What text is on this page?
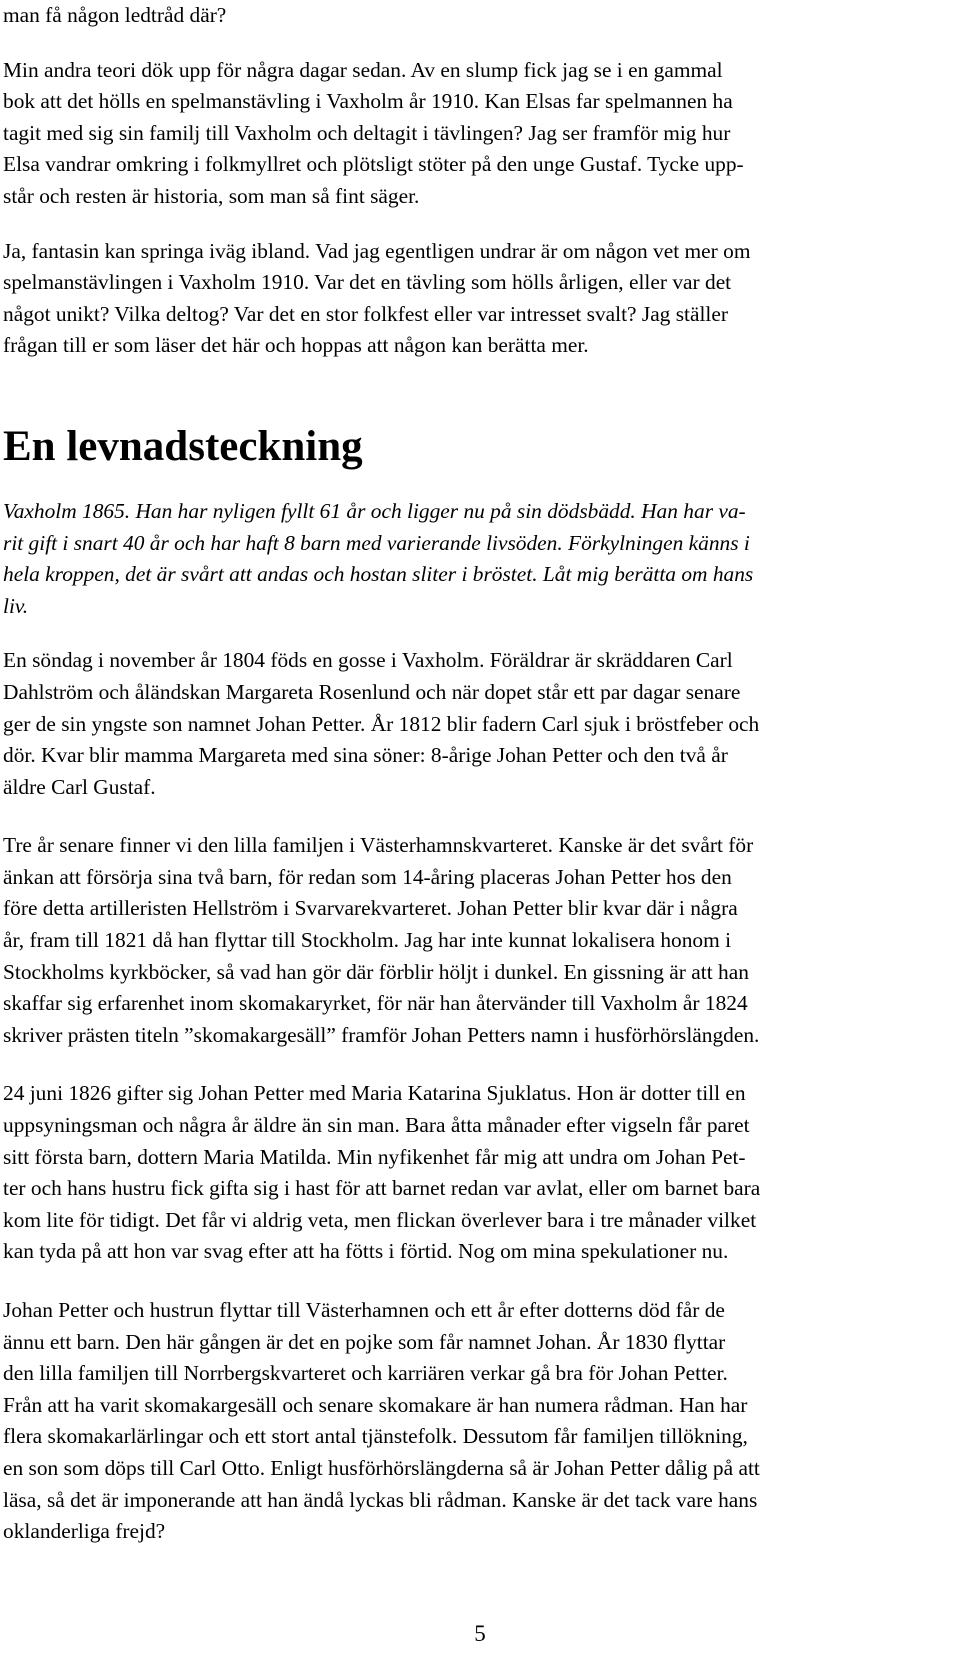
man få någon ledtråd där?

Min andra teori dök upp för några dagar sedan. Av en slump fick jag se i en gammal
bok att det hölls en spelmanstävling i Vaxholm år 1910. Kan Elsas far spelmannen ha
tagit med sig sin familj till Vaxholm och deltagit i tävlingen? Jag ser framför mig hur
Elsa vandrar omkring i folkmyllret och plötsligt stöter på den unge Gustaf. Tycke upp-
står och resten är historia, som man så fint säger.

Ja, fantasin kan springa iväg ibland. Vad jag egentligen undrar är om någon vet mer om
spelmanstävlingen i Vaxholm 1910. Var det en tävling som hölls årligen, eller var det
något unikt? Vilka deltog? Var det en stor folkfest eller var intresset svalt? Jag ställer
frågan till er som läser det här och hoppas att någon kan berätta mer.

En levnadsteckning

Vaxholm 1865. Han har nyligen fyllt 61 år och ligger nu på sin dödsbädd. Han har va-
rit gift i snart 40 år och har haft 8 barn med varierande livsöden. Förkylningen känns i
hela kroppen, det är svårt att andas och hostan sliter i bröstet. Låt mig berätta om hans
liv.

En söndag i november år 1804 föds en gosse i Vaxholm. Föräldrar är skräddaren Carl
Dahlström och åländskan Margareta Rosenlund och när dopet står ett par dagar senare
ger de sin yngste son namnet Johan Petter. År 1812 blir fadern Carl sjuk i bröstfeber och
dör. Kvar blir mamma Margareta med sina söner: 8-årige Johan Petter och den två år
äldre Carl Gustaf.

Tre år senare finner vi den lilla familjen i Västerhamnskvarteret. Kanske är det svårt för
änkan att försörja sina två barn, för redan som 14-åring placeras Johan Petter hos den
före detta artilleristen Hellström i Svarvarekvarteret. Johan Petter blir kvar där i några
år, fram till 1821 då han flyttar till Stockholm. Jag har inte kunnat lokalisera honom i
Stockholms kyrkböcker, så vad han gör där förblir höljt i dunkel. En gissning är att han
skaffar sig erfarenhet inom skomakaryrket, för när han återvänder till Vaxholm år 1824
skriver prästen titeln ”skomakargesäll” framför Johan Petters namn i husförhörslängden.

24 juni 1826 gifter sig Johan Petter med Maria Katarina Sjuklatus. Hon är dotter till en
uppsyningsman och några år äldre än sin man. Bara åtta månader efter vigseln får paret
sitt första barn, dottern Maria Matilda. Min nyfikenhet får mig att undra om Johan Pet-
ter och hans hustru fick gifta sig i hast för att barnet redan var avlat, eller om barnet bara
kom lite för tidigt. Det får vi aldrig veta, men flickan överlever bara i tre månader vilket
kan tyda på att hon var svag efter att ha fötts i förtid. Nog om mina spekulationer nu.

Johan Petter och hustrun flyttar till Västerhamnen och ett år efter dotterns död får de
ännu ett barn. Den här gången är det en pojke som får namnet Johan. År 1830 flyttar
den lilla familjen till Norrbergskvarteret och karriären verkar gå bra för Johan Petter.
Från att ha varit skomakargesäll och senare skomakare är han numera rådman. Han har
flera skomakarlärlingar och ett stort antal tjänstefolk. Dessutom får familjen tillökning,
en son som döps till Carl Otto. Enligt husförhörslängderna så är Johan Petter dålig på att
läsa, så det är imponerande att han ändå lyckas bli rådman. Kanske är det tack vare hans
oklanderliga frejd?

5
